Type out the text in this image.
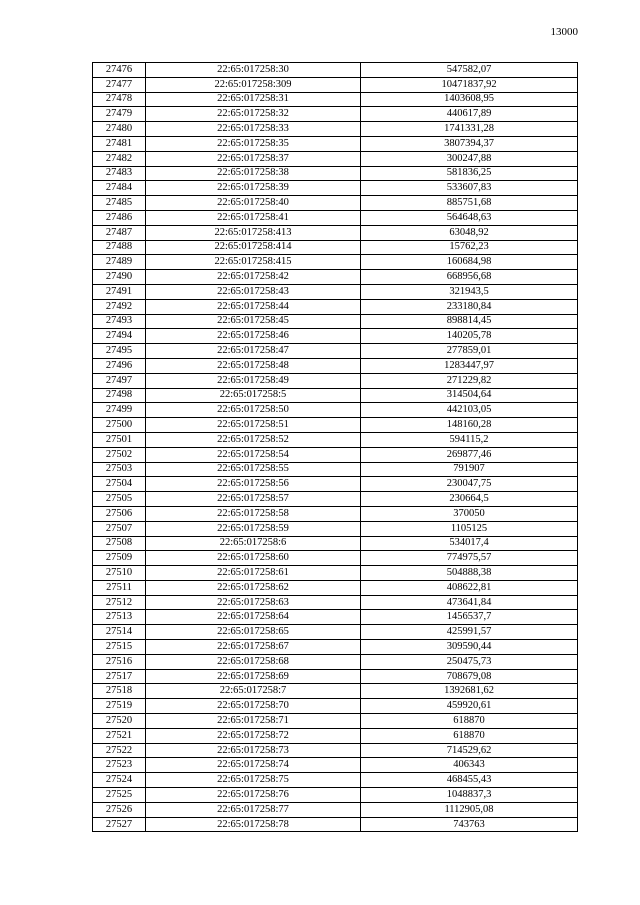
13000
27476	22:65:017258:30	547582,07
27477	22:65:017258:309	10471837,92
27478	22:65:017258:31	1403608,95
27479	22:65:017258:32	440617,89
27480	22:65:017258:33	1741331,28
27481	22:65:017258:35	3807394,37
27482	22:65:017258:37	300247,88
27483	22:65:017258:38	581836,25
27484	22:65:017258:39	533607,83
27485	22:65:017258:40	885751,68
27486	22:65:017258:41	564648,63
27487	22:65:017258:413	63048,92
27488	22:65:017258:414	15762,23
27489	22:65:017258:415	160684,98
27490	22:65:017258:42	668956,68
27491	22:65:017258:43	321943,5
27492	22:65:017258:44	233180,84
27493	22:65:017258:45	898814,45
27494	22:65:017258:46	140205,78
27495	22:65:017258:47	277859,01
27496	22:65:017258:48	1283447,97
27497	22:65:017258:49	271229,82
27498	22:65:017258:5	314504,64
27499	22:65:017258:50	442103,05
27500	22:65:017258:51	148160,28
27501	22:65:017258:52	594115,2
27502	22:65:017258:54	269877,46
27503	22:65:017258:55	791907
27504	22:65:017258:56	230047,75
27505	22:65:017258:57	230664,5
27506	22:65:017258:58	370050
27507	22:65:017258:59	1105125
27508	22:65:017258:6	534017,4
27509	22:65:017258:60	774975,57
27510	22:65:017258:61	504888,38
27511	22:65:017258:62	408622,81
27512	22:65:017258:63	473641,84
27513	22:65:017258:64	1456537,7
27514	22:65:017258:65	425991,57
27515	22:65:017258:67	309590,44
27516	22:65:017258:68	250475,73
27517	22:65:017258:69	708679,08
27518	22:65:017258:7	1392681,62
27519	22:65:017258:70	459920,61
27520	22:65:017258:71	618870
27521	22:65:017258:72	618870
27522	22:65:017258:73	714529,62
27523	22:65:017258:74	406343
27524	22:65:017258:75	468455,43
27525	22:65:017258:76	1048837,3
27526	22:65:017258:77	1112905,08
27527	22:65:017258:78	743763
